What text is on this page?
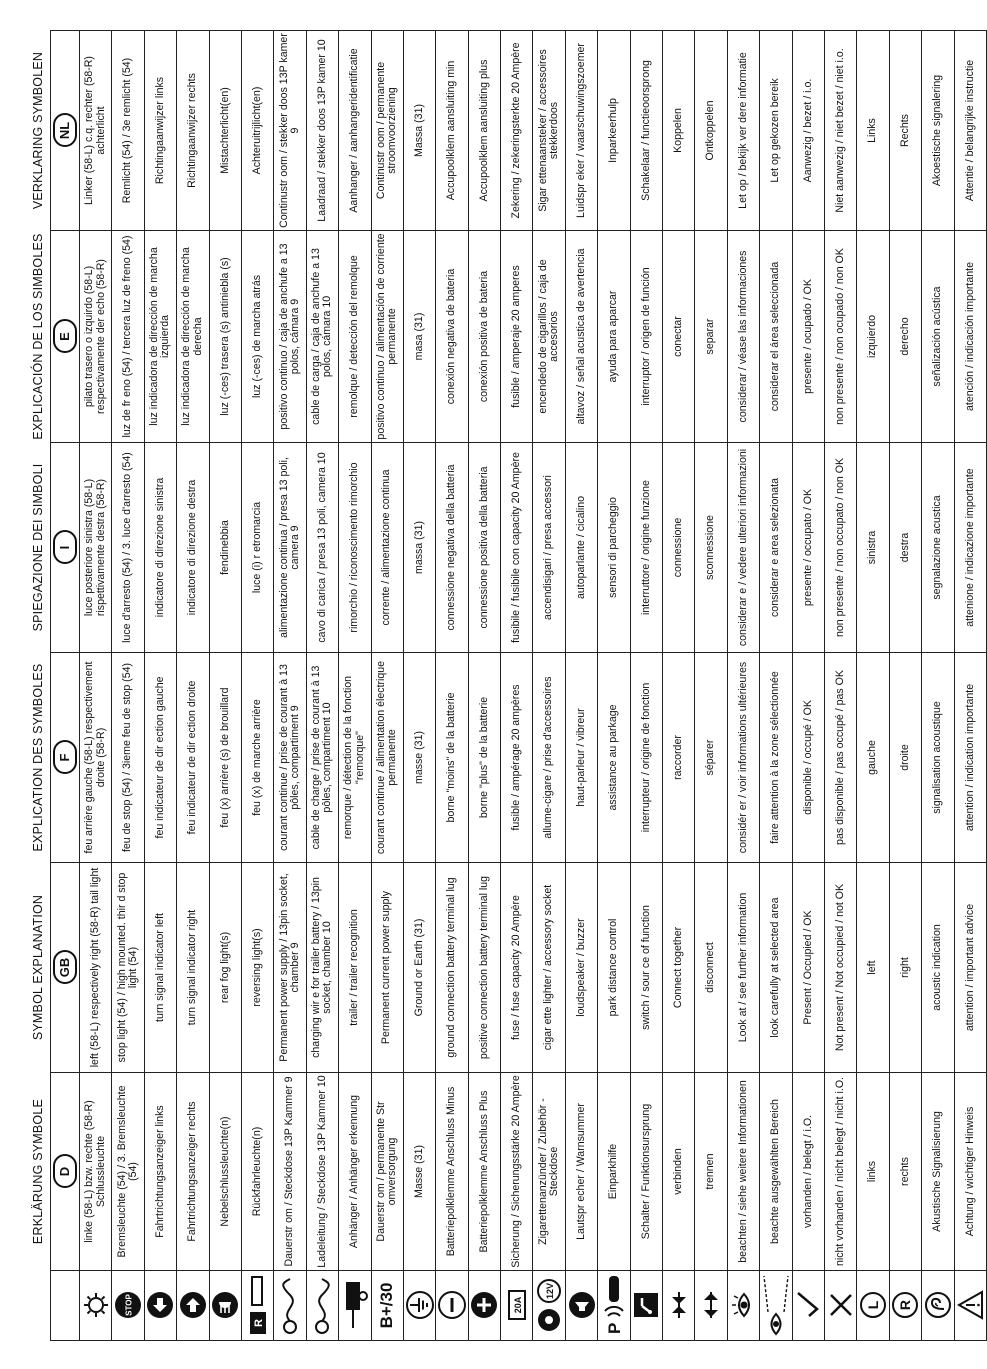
	ERKLÄRUNG SYMBOLE	SYMBOL EXPLANATION	EXPLICATION DES SYMBOLES	SPIEGAZIONE DEI SIMBOLI	EXPLICACIÓN DE LOS SIMBOLES	VERKLARING SYMBOLEN
	D	GB	F	I	E	NL

	linke (58-L) bzw. rechte (58-R) Schlussleuchte	left (58-L) respectively right (58-R) tail light	feu arrière gauche (58-L) respectivement droite (58-R)	luce posteriore sinistra (58-L) rispettivamente destra (58-R)	pilato trasero o izquirdo (58-L) respectivamente der echo (58-R)	Linker (58-L) c.q. rechter (58-R) achterlicht

STOP	Bremsleuchte (54) / 3. Bremsleuchte (54)	stop light (54) / high mounted. thir d stop light (54)	feu de stop (54) / 3ieme feu de stop (54)	luce d'arresto (54) / 3. luce d'arresto (54)	luz de fr eno (54) / tercera luz de freno (54)	Remlicht (54) / 3e remlicht (54)

	Fahrtrichtungsanzeiger links	turn signal indicator left	feu indicateur de dir ection gauche	indicatore di direzione sinistra	luz indicadora de dirección de marcha izquierda	Richtingaanwijzer links

	Fahrtrichtungsanzeiger rechts	turn signal indicator right	feu indicateur de dir ection droite	indicatore di direzione destra	luz indicadora de dirección de marcha derecha	Richtingaanwijzer rechts

	Nebelschlussleuchte(n)	rear fog light(s)	feu (x) arrière (s) de brouillard	fendinebbia	luz (-ces) trasera (s) antiniebla (s)	Mistachterlicht(en)

R	Rückfahrleuchte(n)	reversing light(s)	feu (x) de marche arrière	luce (i) r etromarcia	luz (-ces) de marcha atrás	Achteruitrijlicht(en)

	Dauerstr om / Steckdose 13P Kammer 9	Permanent power supply / 13pin socket, chamber 9	courant continue / prise de courant à 13 pôles, compartiment 9	alimentazione continua / presa 13 poli, camera 9	positivo continuo / caja de anchufe a 13 polos, cámara 9	Continustr oom / stekker doos 13P kamer 9

	Ladeleitung / Steckdose 13P Kammer 10	charging wir e for trailer battery / 13pin socket, chamber 10	cable de charge / prise de courant à 13 pôles, compartiment 10	cavo di carica / presa 13 poli, camera 10	cable de carga / caja de anchufe a 13 polos, cámara 10	Laadraad / stekker doos 13P kamer 10

	Anhänger / Anhänger erkennung	trailer / trailer recognition	remorque / détection de la fonction "remorque"	rimorchio / riconoscimento rimorchio	remolque / detección del remolque	Aanhanger / aanhangeridentificatie

B+/30	Dauerstr om / permanente Str omversorgung	Permanent current power supply	courant continue / alimentation électrique permanente	corrente / alimentazione continua	positivo continuo / alimentación de corriente permanente	Continustr oom / permanente stroomvoorziening

	Masse (31)	Ground or Earth (31)	masse (31)	massa (31)	masa (31)	Massa (31)

	Batteriepolklemme Anschluss Minus	ground connection battery terminal lug	borne "moins" de la batterie	connessione negativa della batteria	conexión negativa de bateria	Accupoolklem aansluiting min

	Batteriepolklemme Anschluss Plus	positive connection battery terminal lug	borne "plus" de la batterie	connessione positiva della batteria	conexión positiva de bateria	Accupoolklem aansluiting plus

20A	Sicherung / Sicherungsstärke 20 Ampère	fuse / fuse capacity 20 Ampère	fusible / ampérage 20 ampères	fusibile / fusibile con capacity 20 Ampère	fusible / amperaje 20 amperes	Zekering / zekeringsterkte 20 Ampère

12V	Zigarettenanzünder / Zubehör -Steckdose	cigar ette lighter / accessory socket	allume-cigare / prise d'accessoires	accendisigari / presa accessori	encendedo de cigarillos / caja de accesorios	Sigar ettenaansteker / accessoires stekkerdoos

	Lautspr echer / Warnsummer	loudspeaker / buzzer	haut-parleur / vibreur	autoparlante / cicalino	altavoz / señal acustica de avertencia	Luidspr eker / waarschuwingszoemer

P	Einparkhilfe	park distance control	assistance au parkage	sensori di parcheggio	ayuda para aparcar	Inparkeerhulp

	Schalter / Funktionsursprung	switch / sour ce of function	interrupteur / origine de fonction	interruttore / origine funzione	interruptor / origen de función	Schakelaar / functieoorsprong

	verbinden	Connect together	raccorder	connessione	conectar	Koppelen

	trennen	disconnect	séparer	sconnessione	separar	Ontkoppelen

	beachten / siehe weitere Informationen	Look at / see further information	considér er / voir informations ultérieures	considerar e / vedere ulteriori informazioni	considerar / véase las informaciones	Let op / bekijk ver dere informatie

	beachte ausgewählten Bereich	look carefully at selected area	faire attention à la zone sélectionnée	considerar e area selezionata	considerar el área seleccionada	Let op gekozen bereik

	vorhanden / belegt / i.O.	Present / Occupied / OK	disponible / occupé / OK	presente / occupato / OK	presente / ocupado / OK	Aanwezig / bezet / i.o.

	nicht vorhanden / nicht belegt / nicht i.O.	Not present / Not occupied / not OK	pas disponible / pas occupé / pas OK	non presente / non occupato / non OK	non presente / non ocupado / non OK	Niet aanwezig / niet bezet / niet i.o.

L	links	left	gauche	sinistra	izquierdo	Links

R	rechts	right	droite	destra	derecho	Rechts

	Akustische Signalisierung	acoustic indication	signalisation acoustique	segnalazione acustica	señalización acústica	Akoestische signalering

	Achtung / wichtiger Hinweis	attention / important advice	attention / indication importante	attenione / indicazione importante	atención / indicación importante	Attentie / belangrijke instructie
